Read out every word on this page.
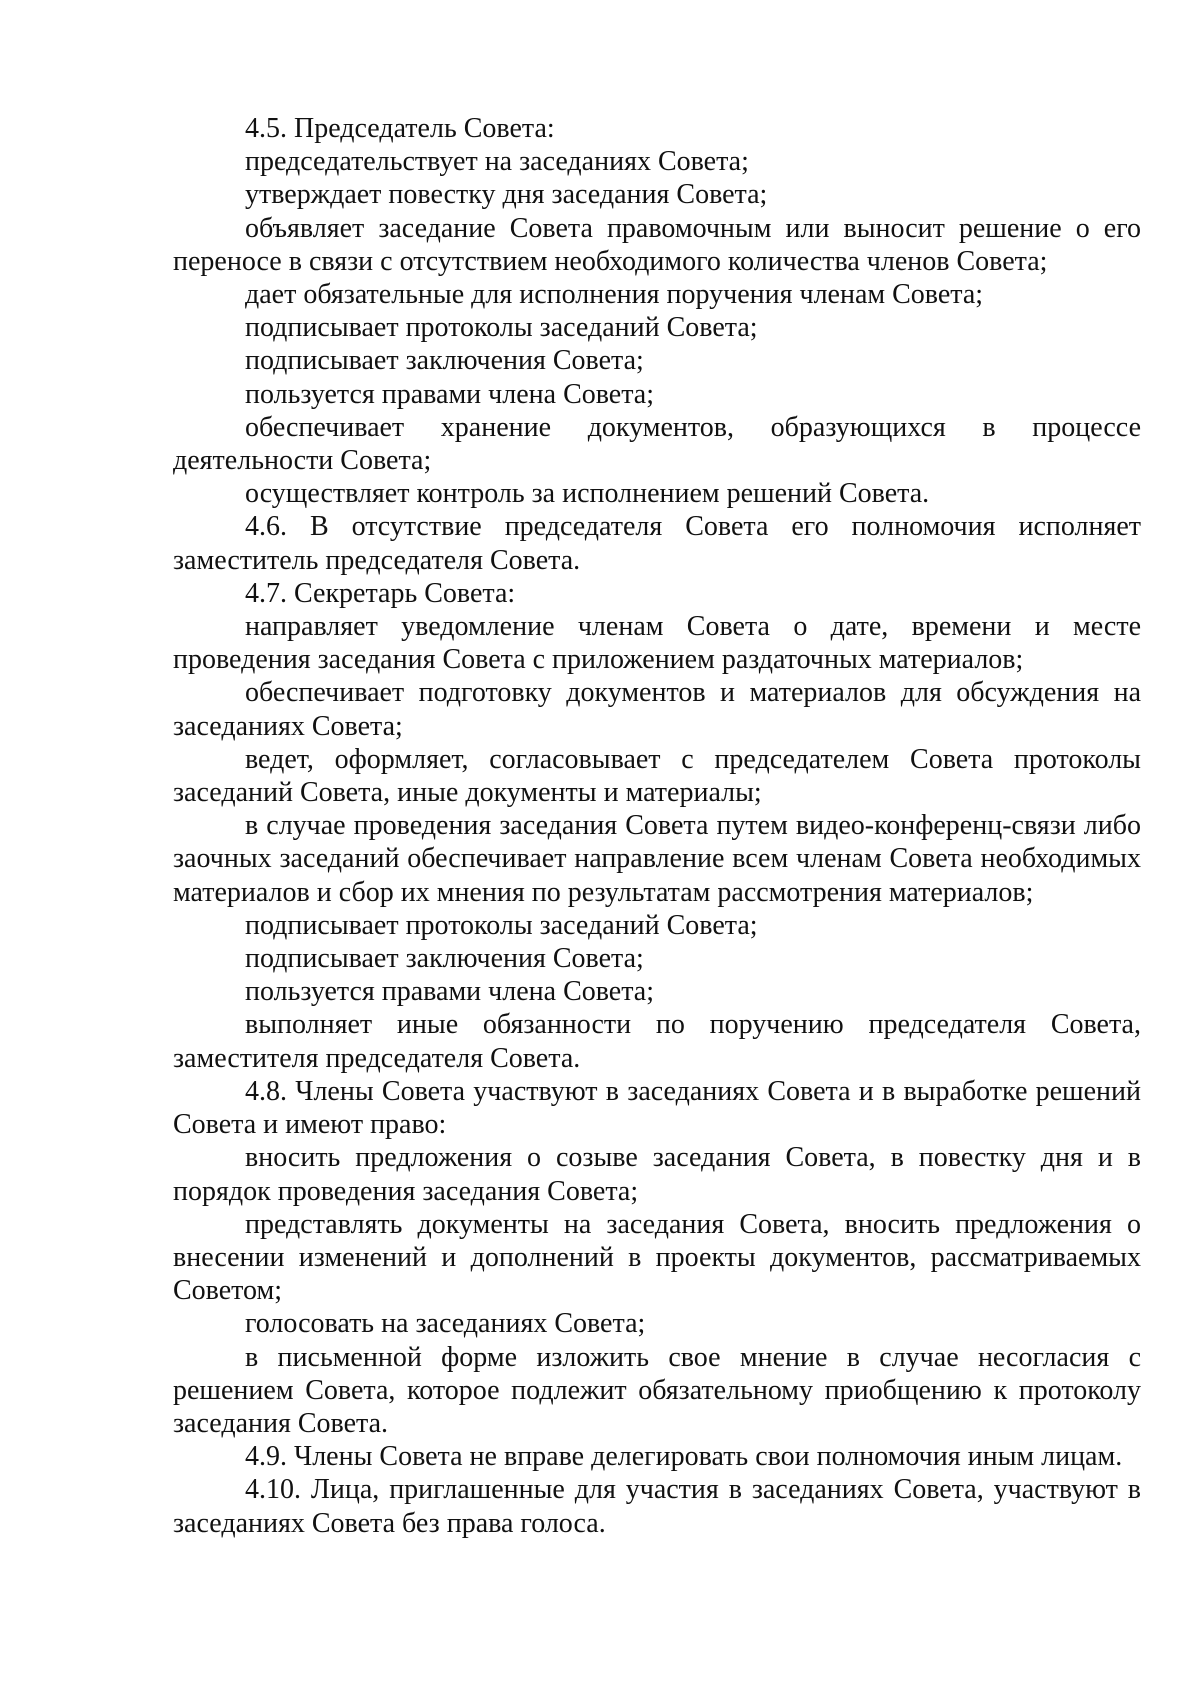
4.5. Председатель Совета:

председательствует на заседаниях Совета;

утверждает повестку дня заседания Совета;

объявляет заседание Совета правомочным или выносит решение о его переносе в связи с отсутствием необходимого количества членов Совета;

дает обязательные для исполнения поручения членам Совета;

подписывает протоколы заседаний Совета;

подписывает заключения Совета;

пользуется правами члена Совета;

обеспечивает хранение документов, образующихся в процессе деятельности Совета;

осуществляет контроль за исполнением решений Совета.

4.6. В отсутствие председателя Совета его полномочия исполняет заместитель председателя Совета.

4.7. Секретарь Совета:

направляет уведомление членам Совета о дате, времени и месте проведения заседания Совета с приложением раздаточных материалов;

обеспечивает подготовку документов и материалов для обсуждения на заседаниях Совета;

ведет, оформляет, согласовывает с председателем Совета протоколы заседаний Совета, иные документы и материалы;

в случае проведения заседания Совета путем видео-конференц-связи либо заочных заседаний обеспечивает направление всем членам Совета необходимых материалов и сбор их мнения по результатам рассмотрения материалов;

подписывает протоколы заседаний Совета;

подписывает заключения Совета;

пользуется правами члена Совета;

выполняет иные обязанности по поручению председателя Совета, заместителя председателя Совета.

4.8. Члены Совета участвуют в заседаниях Совета и в выработке решений Совета и имеют право:

вносить предложения о созыве заседания Совета, в повестку дня и в порядок проведения заседания Совета;

представлять документы на заседания Совета, вносить предложения о внесении изменений и дополнений в проекты документов, рассматриваемых Советом;

голосовать на заседаниях Совета;

в письменной форме изложить свое мнение в случае несогласия с решением Совета, которое подлежит обязательному приобщению к протоколу заседания Совета.

4.9. Члены Совета не вправе делегировать свои полномочия иным лицам.

4.10. Лица, приглашенные для участия в заседаниях Совета, участвуют в заседаниях Совета без права голоса.
